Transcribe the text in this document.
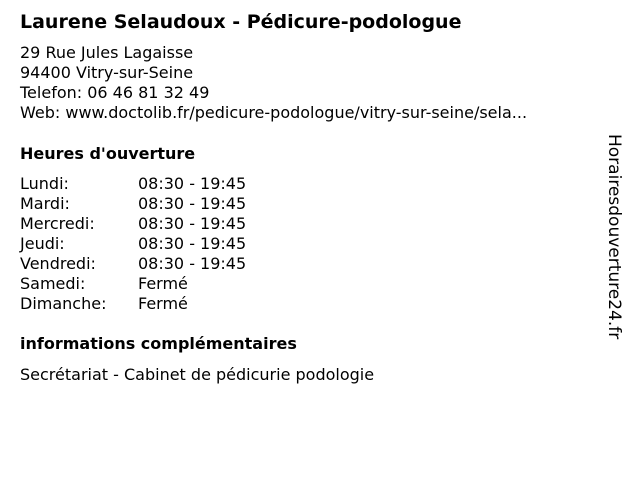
Laurene Selaudoux - Pédicure-podologue
29 Rue Jules Lagaisse
94400 Vitry-sur-Seine
Telefon: 06 46 81 32 49
Web: www.doctolib.fr/pedicure-podologue/vitry-sur-seine/sela...
Heures d'ouverture
Lundi:	08:30 - 19:45
Mardi:	08:30 - 19:45
Mercredi:	08:30 - 19:45
Jeudi:	08:30 - 19:45
Vendredi:	08:30 - 19:45
Samedi:	Fermé
Dimanche:	Fermé
informations complémentaires
Secrétariat - Cabinet de pédicurie podologie
Horairesdouverture24.fr
